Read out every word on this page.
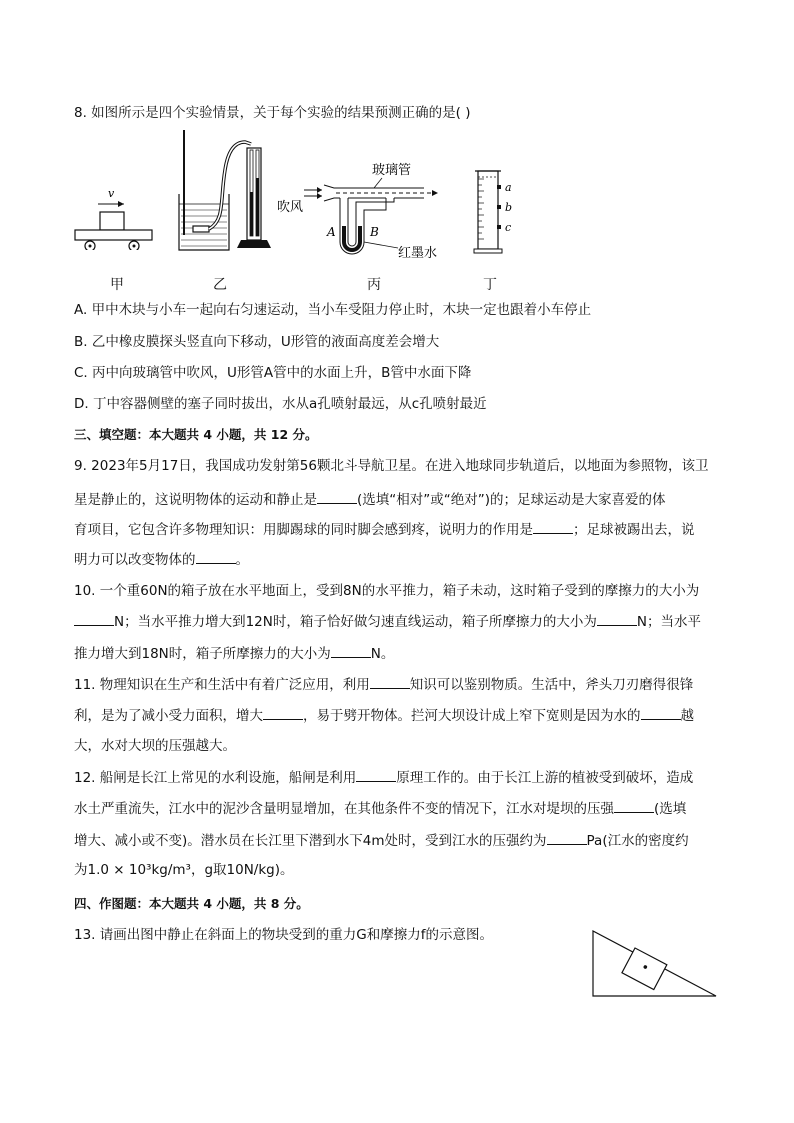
8. 如图所示是四个实验情景，关于每个实验的结果预测正确的是( )
v
玻璃管
吹风
A	B
红墨水
a
b
c
甲	乙	丙	丁
A. 甲中木块与小车一起向右匀速运动，当小车受阻力停止时，木块一定也跟着小车停止
B. 乙中橡皮膜探头竖直向下移动，U形管的液面高度差会增大
C. 丙中向玻璃管中吹风，U形管A管中的水面上升，B管中水面下降
D. 丁中容器侧壁的塞子同时拔出，水从a孔喷射最远，从c孔喷射最近
三、填空题：本大题共 4 小题，共 12 分。
9. 2023年5月17日，我国成功发射第56颗北斗导航卫星。在进入地球同步轨道后，以地面为参照物，该卫
星是静止的，这说明物体的运动和静止是	(选填“相对”或“绝对”)的；足球运动是大家喜爱的体
育项目，它包含许多物理知识：用脚踢球的同时脚会感到疼，说明力的作用是	；足球被踢出去，说
明力可以改变物体的	。
10. 一个重60N的箱子放在水平地面上，受到8N的水平推力，箱子未动，这时箱子受到的摩擦力的大小为
N；当水平推力增大到12N时，箱子恰好做匀速直线运动，箱子所摩擦力的大小为	N；当水平
推力增大到18N时，箱子所摩擦力的大小为	N。
11. 物理知识在生产和生活中有着广泛应用，利用	知识可以鉴别物质。生活中，斧头刀刃磨得很锋
利，是为了减小受力面积，增大	，易于劈开物体。拦河大坝设计成上窄下宽则是因为水的	越
大，水对大坝的压强越大。
12. 船闸是长江上常见的水利设施，船闸是利用	原理工作的。由于长江上游的植被受到破坏，造成
水土严重流失，江水中的泥沙含量明显增加，在其他条件不变的情况下，江水对堤坝的压强	(选填
增大、减小或不变)。潜水员在长江里下潜到水下4m处时，受到江水的压强约为	Pa(江水的密度约
为1.0 × 10³kg/m³，g取10N/kg)。
四、作图题：本大题共 4 小题，共 8 分。
13. 请画出图中静止在斜面上的物块受到的重力G和摩擦力f的示意图。
